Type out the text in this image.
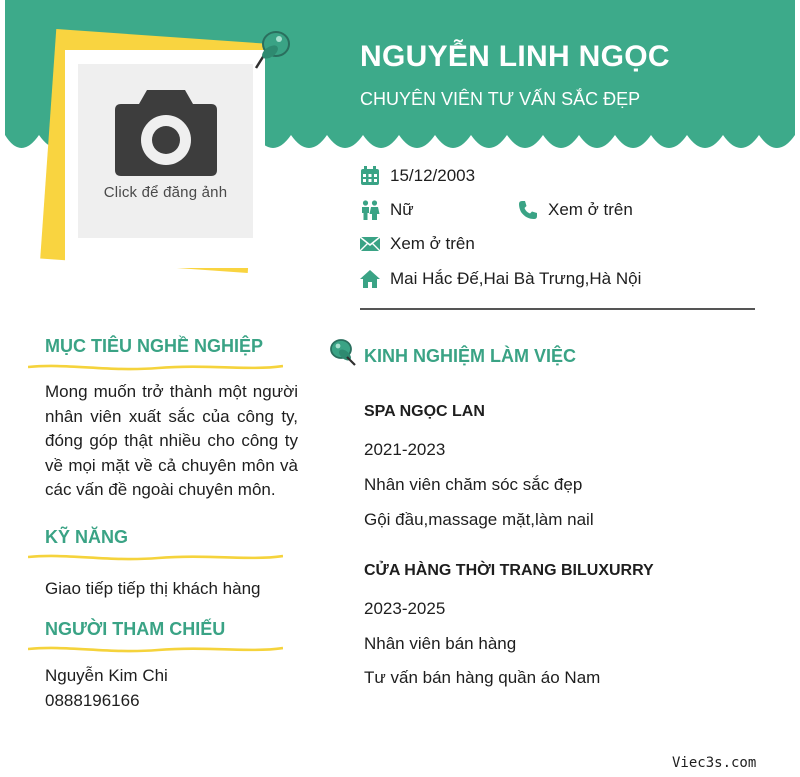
Click để đăng ảnh
NGUYỄN LINH NGỌC
CHUYÊN VIÊN TƯ VẤN SẮC ĐẸP
15/12/2003
Nữ	Xem ở trên
Xem ở trên
Mai Hắc Đế,Hai Bà Trưng,Hà Nội
MỤC TIÊU NGHỀ NGHIỆP
Mong muốn trở thành một người nhân viên xuất sắc của công ty, đóng góp thật nhiều cho công ty về mọi mặt về cả chuyên môn và các vấn đề ngoài chuyên môn.
KỸ NĂNG
Giao tiếp tiếp thị khách hàng
NGƯỜI THAM CHIẾU
Nguyễn Kim Chi
0888196166
KINH NGHIỆM LÀM VIỆC
SPA NGỌC LAN
2021-2023
Nhân viên chăm sóc sắc đẹp
Gội đầu,massage mặt,làm nail
CỬA HÀNG THỜI TRANG BILUXURRY
2023-2025
Nhân viên bán hàng
Tư vấn bán hàng quần áo Nam
Viec3s.com
